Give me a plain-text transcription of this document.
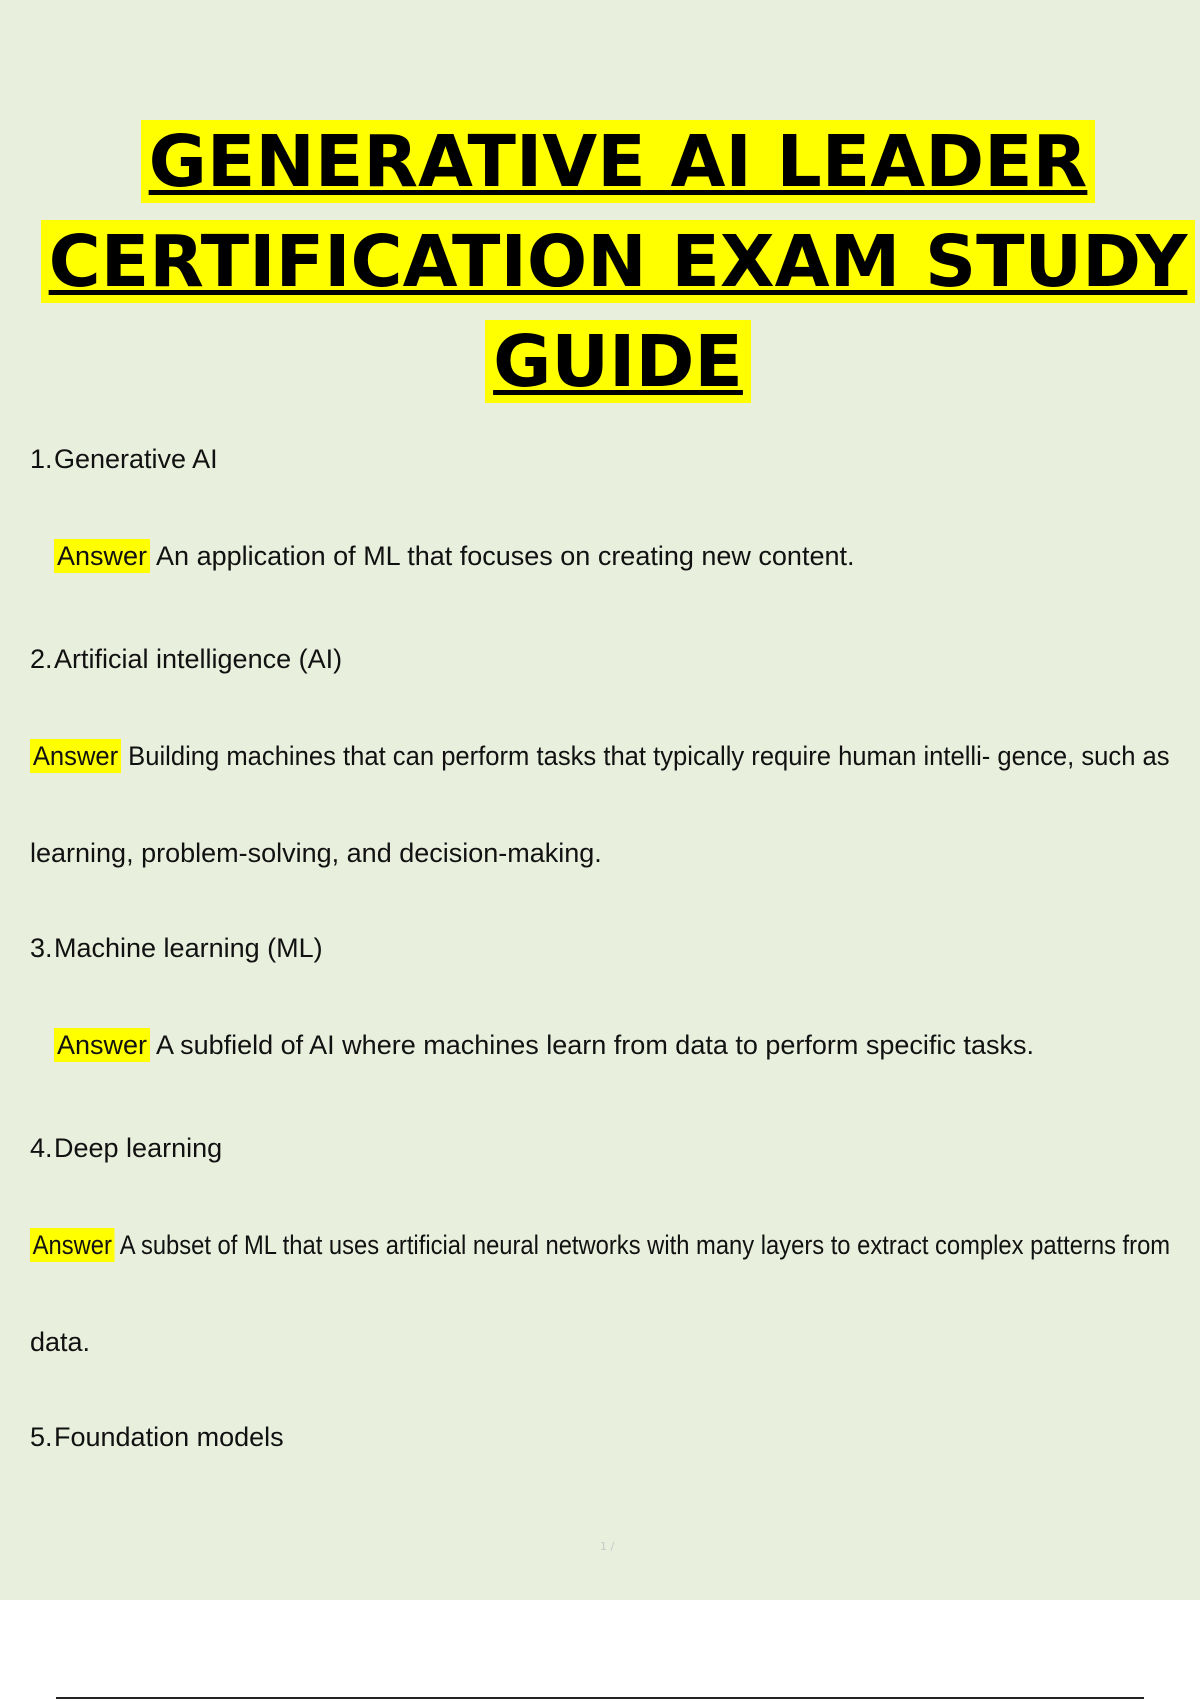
GENERATIVE AI LEADER
CERTIFICATION EXAM STUDY
GUIDE
1.Generative AI
Answer An application of ML that focuses on creating new content.
2.Artificial intelligence (AI)
Answer Building machines that can perform tasks that typically require human intelli- gence, such as
learning, problem-solving, and decision-making.
3.Machine learning (ML)
Answer A subfield of AI where machines learn from data to perform specific tasks.
4.Deep learning
Answer A subset of ML that uses artificial neural networks with many layers to extract complex patterns from
data.
5.Foundation models
1 /
